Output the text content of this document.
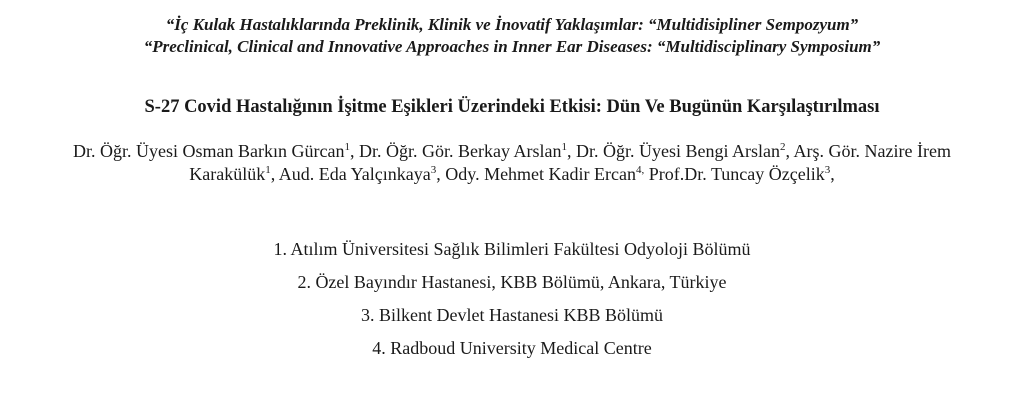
“İç Kulak Hastalıklarında Preklinik, Klinik ve İnovatif Yaklaşımlar: “Multidisipliner Sempozyum”
“Preclinical, Clinical and Innovative Approaches in Inner Ear Diseases: “Multidisciplinary Symposium”
S-27 Covid Hastalığının İşitme Eşikleri Üzerindeki Etkisi: Dün Ve Bugünün Karşılaştırılması
Dr. Öğr. Üyesi Osman Barkın Gürcan$^1$, Dr. Öğr. Gör. Berkay Arslan$^1$, Dr. Öğr. Üyesi Bengi Arslan$^2$, Arş. Gör. Nazire İrem Karakülük$^1$, Aud. Eda Yalçınkaya$^3$, Ody. Mehmet Kadir Ercan$^{4,}$ Prof.Dr. Tuncay Özçelik$^3$,
1. Atılım Üniversitesi Sağlık Bilimleri Fakültesi Odyoloji Bölümü
2. Özel Bayındır Hastanesi, KBB Bölümü, Ankara, Türkiye
3. Bilkent Devlet Hastanesi KBB Bölümü
4. Radboud University Medical Centre
